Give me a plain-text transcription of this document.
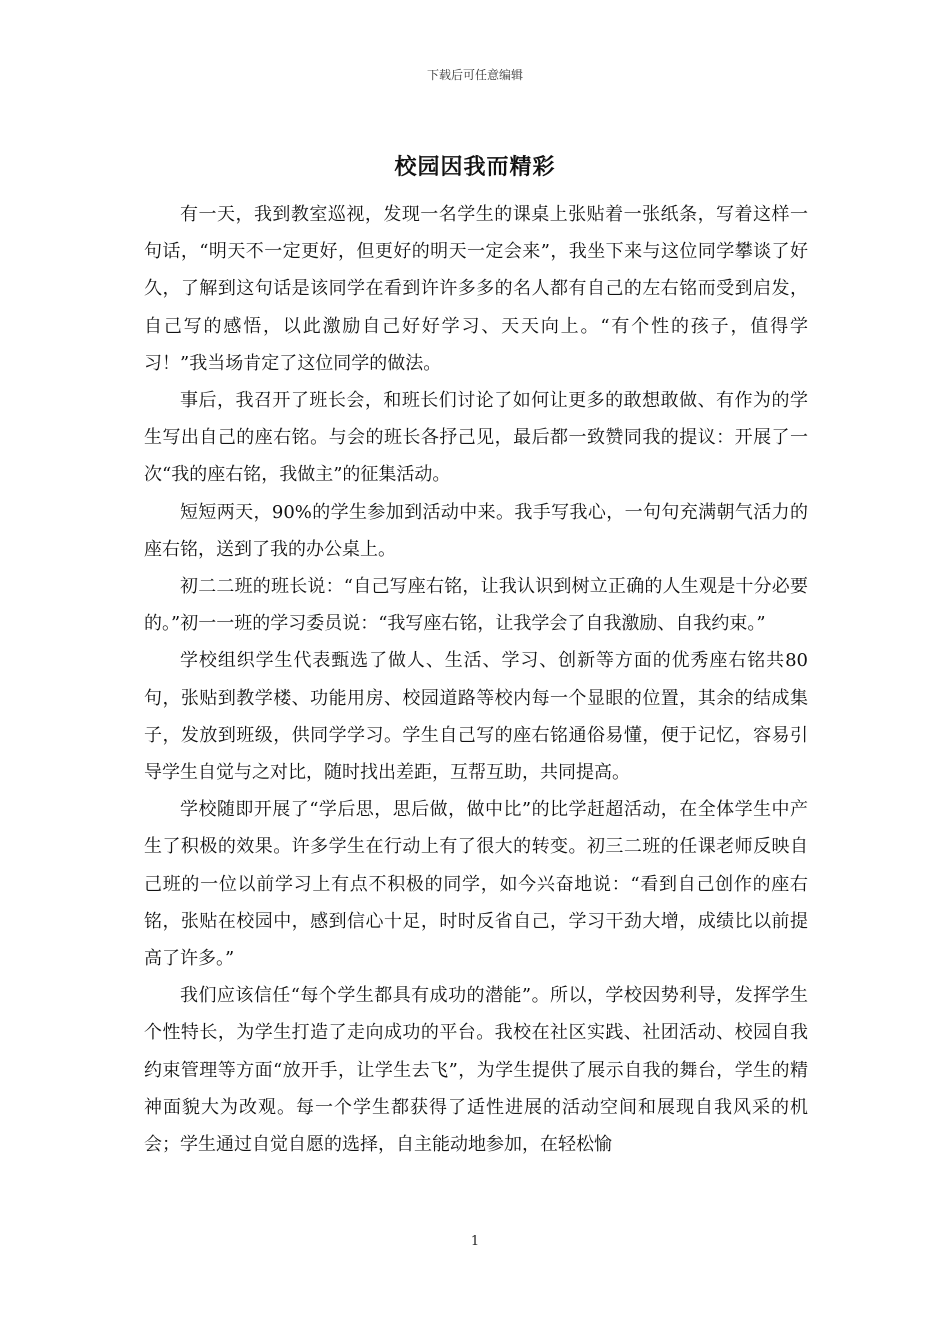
下载后可任意编辑
校园因我而精彩

有一天，我到教室巡视，发现一名学生的课桌上张贴着一张纸条，写着这样一句话，“明天不一定更好，但更好的明天一定会来”，我坐下来与这位同学攀谈了好久，了解到这句话是该同学在看到许许多多的名人都有自己的左右铭而受到启发，自己写的感悟，以此激励自己好好学习、天天向上。“有个性的孩子，值得学习！”我当场肯定了这位同学的做法。

事后，我召开了班长会，和班长们讨论了如何让更多的敢想敢做、有作为的学生写出自己的座右铭。与会的班长各抒己见，最后都一致赞同我的提议：开展了一次“我的座右铭，我做主”的征集活动。

短短两天，90%的学生参加到活动中来。我手写我心，一句句充满朝气活力的座右铭，送到了我的办公桌上。

初二二班的班长说：“自己写座右铭，让我认识到树立正确的人生观是十分必要的。”初一一班的学习委员说：“我写座右铭，让我学会了自我激励、自我约束。”

学校组织学生代表甄选了做人、生活、学习、创新等方面的优秀座右铭共80句，张贴到教学楼、功能用房、校园道路等校内每一个显眼的位置，其余的结成集子，发放到班级，供同学学习。学生自己写的座右铭通俗易懂，便于记忆，容易引导学生自觉与之对比，随时找出差距，互帮互助，共同提高。

学校随即开展了“学后思，思后做，做中比”的比学赶超活动，在全体学生中产生了积极的效果。许多学生在行动上有了很大的转变。初三二班的任课老师反映自己班的一位以前学习上有点不积极的同学，如今兴奋地说：“看到自己创作的座右铭，张贴在校园中，感到信心十足，时时反省自己，学习干劲大增，成绩比以前提高了许多。”

我们应该信任“每个学生都具有成功的潜能”。所以，学校因势利导，发挥学生个性特长，为学生打造了走向成功的平台。我校在社区实践、社团活动、校园自我约束管理等方面“放开手，让学生去飞”，为学生提供了展示自我的舞台，学生的精神面貌大为改观。每一个学生都获得了适性进展的活动空间和展现自我风采的机会；学生通过自觉自愿的选择，自主能动地参加，在轻松愉

1
